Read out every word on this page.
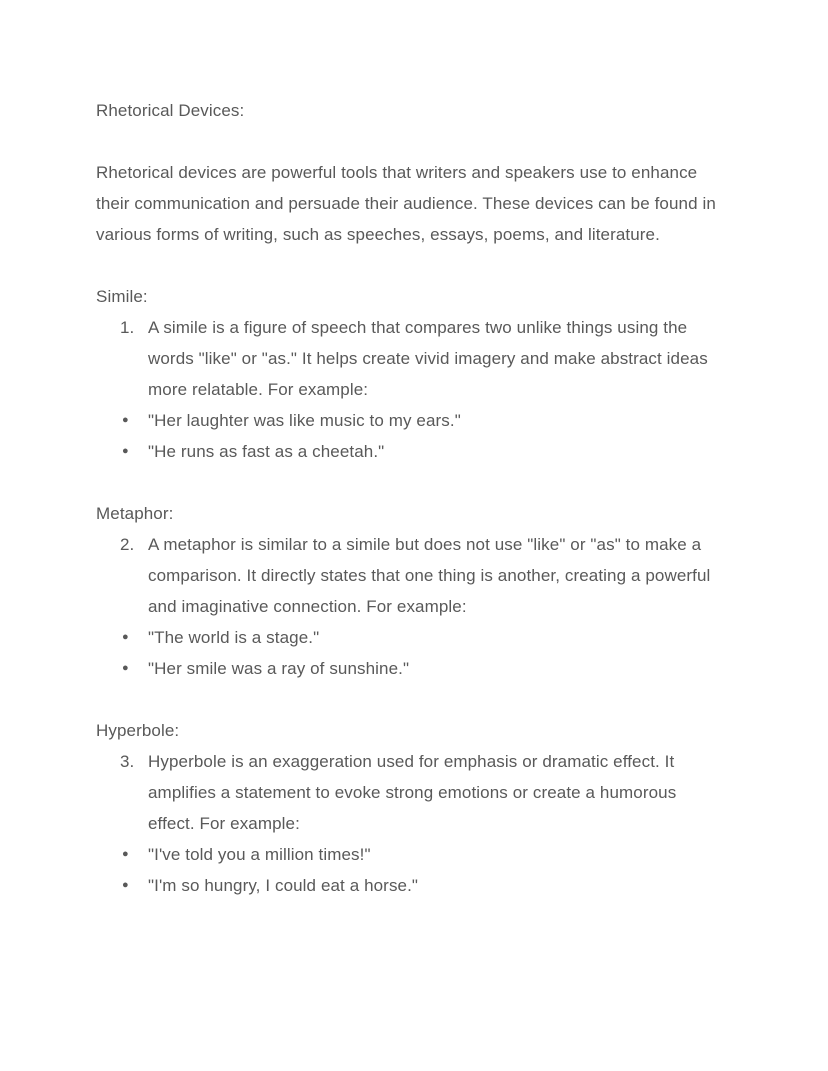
Rhetorical Devices:
Rhetorical devices are powerful tools that writers and speakers use to enhance their communication and persuade their audience. These devices can be found in various forms of writing, such as speeches, essays, poems, and literature.
Simile:
1. A simile is a figure of speech that compares two unlike things using the words "like" or "as." It helps create vivid imagery and make abstract ideas more relatable. For example:
●	"Her laughter was like music to my ears."
●	"He runs as fast as a cheetah."
Metaphor:
2. A metaphor is similar to a simile but does not use "like" or "as" to make a comparison. It directly states that one thing is another, creating a powerful and imaginative connection. For example:
●	"The world is a stage."
●	"Her smile was a ray of sunshine."
Hyperbole:
3. Hyperbole is an exaggeration used for emphasis or dramatic effect. It amplifies a statement to evoke strong emotions or create a humorous effect. For example:
●	"I've told you a million times!"
●	"I'm so hungry, I could eat a horse."
